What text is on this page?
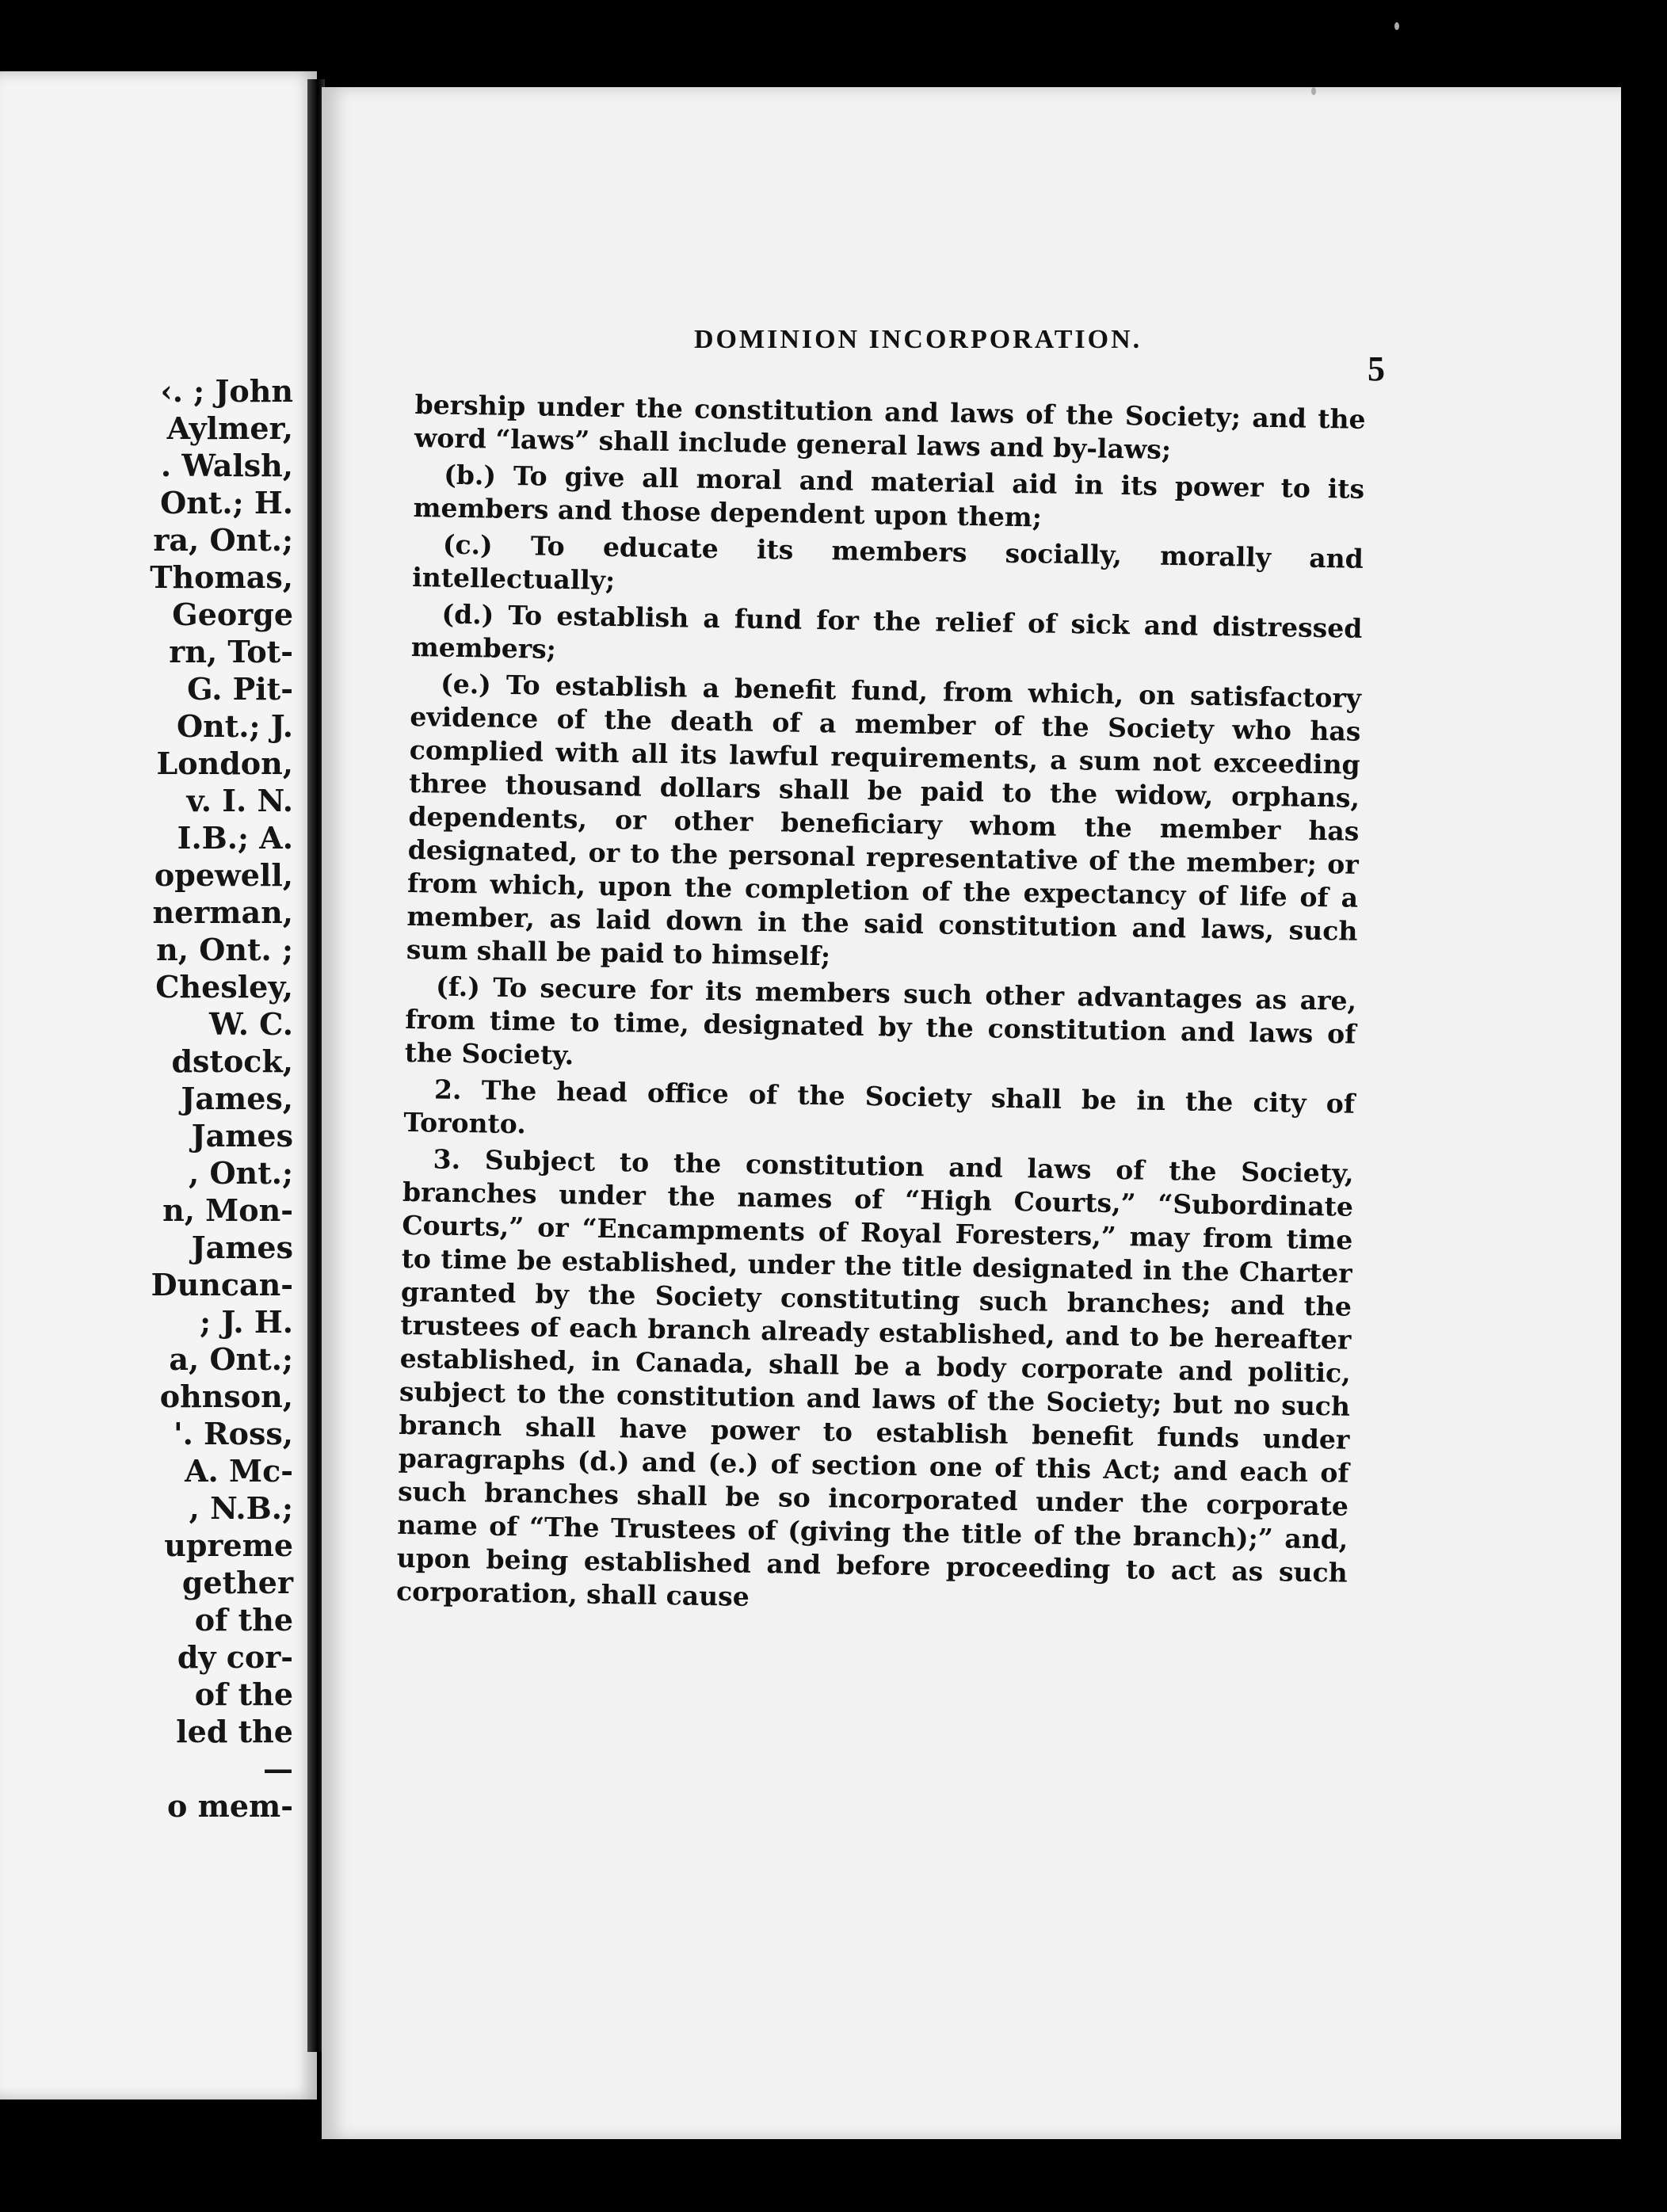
‹. ; John
Aylmer,
. Walsh,
Ont.; H.
ra, Ont.;
Thomas,
George
rn, Tot-
G. Pit-
Ont.; J.
London,
v. I. N.
I.B.; A.
opewell,
nerman,
n, Ont. ;
Chesley,
W. C.
dstock,
James,
James
, Ont.;
n, Mon-
James
Duncan-
; J. H.
a, Ont.;
ohnson,
'. Ross,
A. Mc-
, N.B.;
upreme
gether
of the
dy cor-
of the
led the
—
o mem-
DOMINION INCORPORATION.
5

bership under the constitution and laws of the Society; and the word “laws” shall include general laws and by-laws;

(b.) To give all moral and material aid in its power to its members and those dependent upon them;

(c.) To educate its members socially, morally and intellectually;

(d.) To establish a fund for the relief of sick and distressed members;

(e.) To establish a benefit fund, from which, on satisfactory evidence of the death of a member of the Society who has complied with all its lawful requirements, a sum not exceeding three thousand dollars shall be paid to the widow, orphans, dependents, or other beneficiary whom the member has designated, or to the personal representative of the member; or from which, upon the completion of the expectancy of life of a member, as laid down in the said constitution and laws, such sum shall be paid to himself;

(f.) To secure for its members such other advantages as are, from time to time, designated by the constitution and laws of the Society.

2. The head office of the Society shall be in the city of Toronto.

3. Subject to the constitution and laws of the Society, branches under the names of “High Courts,” “Subordinate Courts,” or “Encampments of Royal Foresters,” may from time to time be established, under the title designated in the Charter granted by the Society constituting such branches; and the trustees of each branch already established, and to be hereafter established, in Canada, shall be a body corporate and politic, subject to the constitution and laws of the Society; but no such branch shall have power to establish benefit funds under paragraphs (d.) and (e.) of section one of this Act; and each of such branches shall be so incorporated under the corporate name of “The Trustees of (giving the title of the branch);” and, upon being established and before proceeding to act as such corporation, shall cause
